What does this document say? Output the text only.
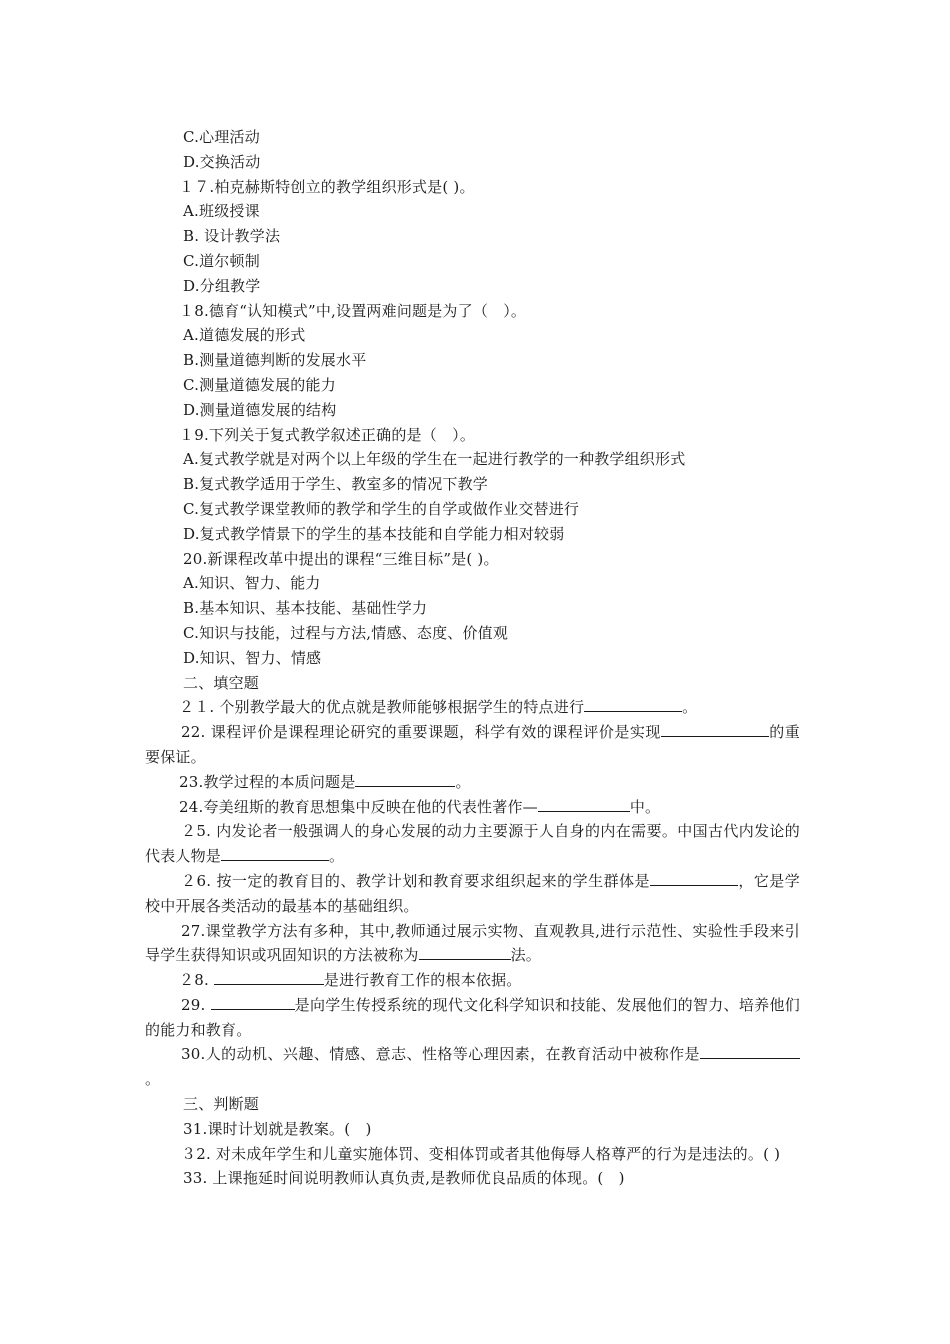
C.心理活动
D.交换活动
１７.柏克赫斯特创立的教学组织形式是( )。
A.班级授课
B. 设计教学法
C.道尔顿制
D.分组教学
１8.德育“认知模式”中,设置两难问题是为了（　）。
A.道德发展的形式
B.测量道德判断的发展水平
C.测量道德发展的能力
D.测量道德发展的结构
１9.下列关于复式教学叙述正确的是（　）。
A.复式教学就是对两个以上年级的学生在一起进行教学的一种教学组织形式
B.复式教学适用于学生、教室多的情况下教学
C.复式教学课堂教师的教学和学生的自学或做作业交替进行
D.复式教学情景下的学生的基本技能和自学能力相对较弱
20.新课程改革中提出的课程“三维目标”是( )。
A.知识、智力、能力
B.基本知识、基本技能、基础性学力
C.知识与技能，过程与方法,情感、态度、价值观
D.知识、智力、情感
二、填空题
２１. 个别教学最大的优点就是教师能够根据学生的特点进行	。
22. 课程评价是课程理论研究的重要课题，科学有效的课程评价是实现	的重要保证。
23.教学过程的本质问题是	。
24.夸美纽斯的教育思想集中反映在他的代表性著作—	中。
２5. 内发论者一般强调人的身心发展的动力主要源于人自身的内在需要。中国古代内发论的代表人物是	。
２6. 按一定的教育目的、教学计划和教育要求组织起来的学生群体是	，它是学校中开展各类活动的最基本的基础组织。
27.课堂教学方法有多种，其中,教师通过展示实物、直观教具,进行示范性、实验性手段来引导学生获得知识或巩固知识的方法被称为	法。
２8.	是进行教育工作的根本依据。
29.	是向学生传授系统的现代文化科学知识和技能、发展他们的智力、培养他们的能力和教育。
30.人的动机、兴趣、情感、意志、性格等心理因素，在教育活动中被称作是。
三、判断题
31.课时计划就是教案。(　)
３2. 对未成年学生和儿童实施体罚、变相体罚或者其他侮辱人格尊严的行为是违法的。( )
33. 上课拖延时间说明教师认真负责,是教师优良品质的体现。(　)
